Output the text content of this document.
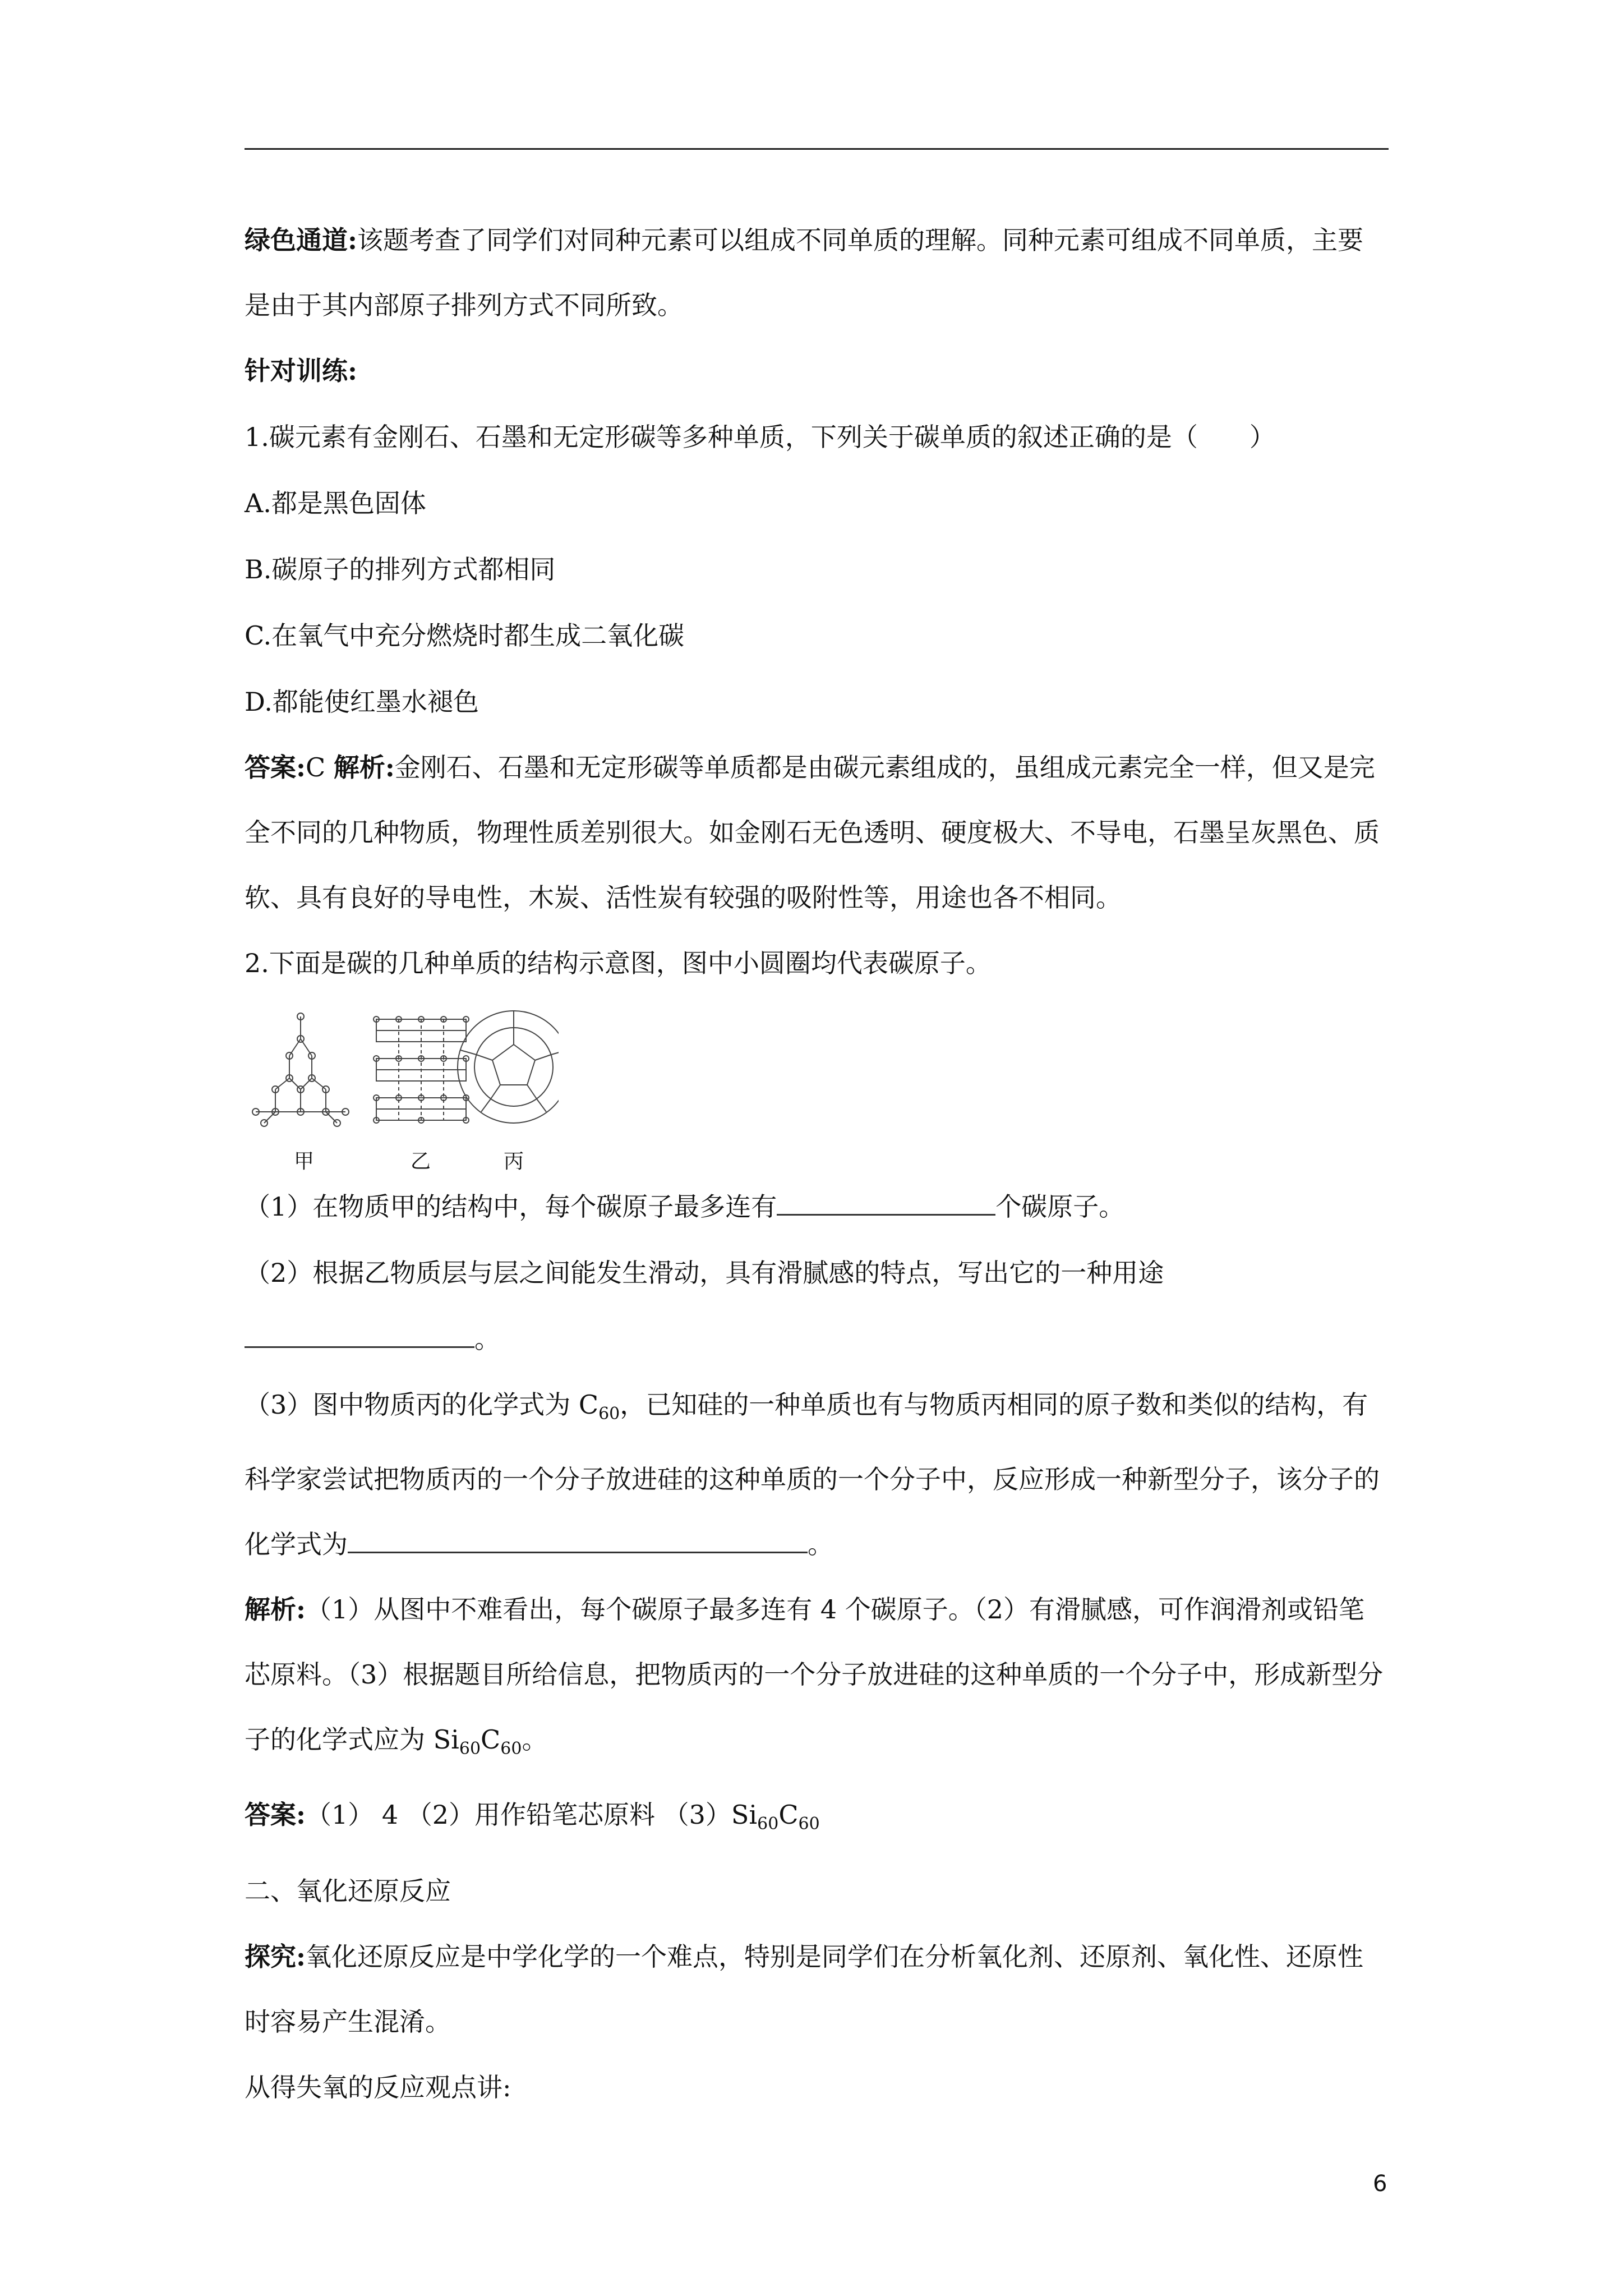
绿色通道:该题考查了同学们对同种元素可以组成不同单质的理解。同种元素可组成不同单质，主要是由于其内部原子排列方式不同所致。

针对训练:

1.碳元素有金刚石、石墨和无定形碳等多种单质，下列关于碳单质的叙述正确的是（　　）

A.都是黑色固体

B.碳原子的排列方式都相同

C.在氧气中充分燃烧时都生成二氧化碳

D.都能使红墨水褪色

答案:C 解析:金刚石、石墨和无定形碳等单质都是由碳元素组成的，虽组成元素完全一样，但又是完全不同的几种物质，物理性质差别很大。如金刚石无色透明、硬度极大、不导电，石墨呈灰黑色、质软、具有良好的导电性，木炭、活性炭有较强的吸附性等，用途也各不相同。

2.下面是碳的几种单质的结构示意图，图中小圆圈均代表碳原子。

甲	乙	丙

（1）在物质甲的结构中，每个碳原子最多连有	个碳原子。

（2）根据乙物质层与层之间能发生滑动，具有滑腻感的特点，写出它的一种用途

。

（3）图中物质丙的化学式为 $C_{60}$，已知硅的一种单质也有与物质丙相同的原子数和类似的结构，有科学家尝试把物质丙的一个分子放进硅的这种单质的一个分子中，反应形成一种新型分子，该分子的化学式为	。

解析:（1）从图中不难看出，每个碳原子最多连有 4 个碳原子。（2）有滑腻感，可作润滑剂或铅笔芯原料。（3）根据题目所给信息，把物质丙的一个分子放进硅的这种单质的一个分子中，形成新型分子的化学式应为 $Si_{60}C_{60}$。

答案:（1） 4 （2）用作铅笔芯原料 $(3)Si_{60}C_{60}$

二、氧化还原反应

探究:氧化还原反应是中学化学的一个难点，特别是同学们在分析氧化剂、还原剂、氧化性、还原性时容易产生混淆。

从得失氧的反应观点讲:

6
